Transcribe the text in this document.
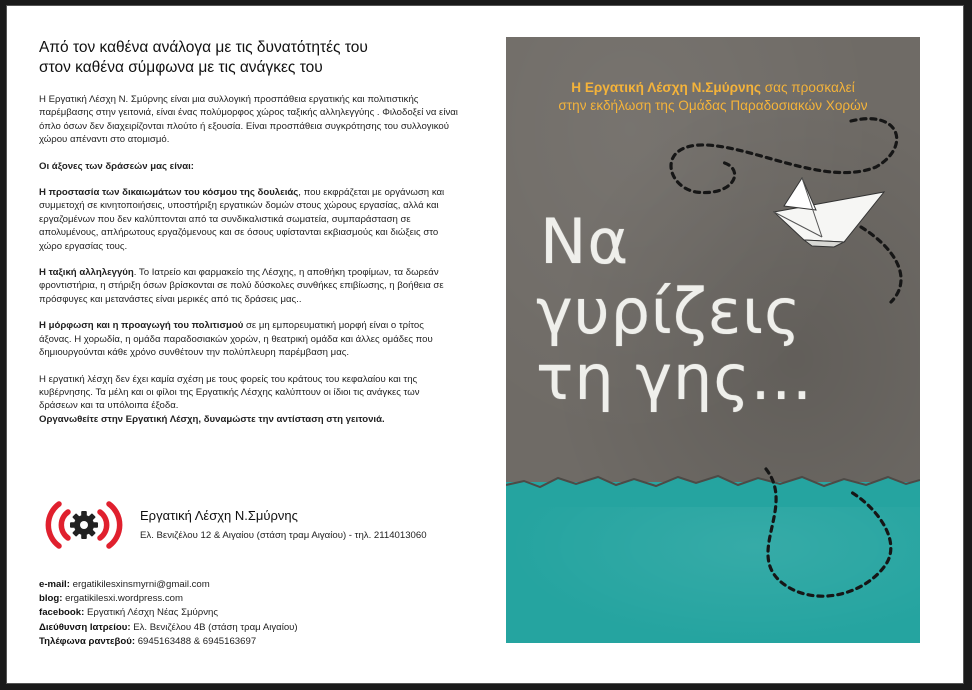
Από τον καθένα ανάλογα με τις δυνατότητές του
στον καθένα σύμφωνα με τις ανάγκες του
Η Εργατική Λέσχη Ν. Σμύρνης είναι μια συλλογική προσπάθεια εργατικής και πολιτιστικής παρέμβασης στην γειτονιά, είναι ένας πολύμορφος χώρος ταξικής αλληλεγγύης . Φιλοδοξεί να είναι όπλο όσων δεν διαχειρίζονται πλούτο ή εξουσία. Είναι προσπάθεια συγκρότησης του συλλογικού χώρου απέναντι στο ατομισμό.
Οι άξονες των δράσεών μας είναι:
Η προστασία των δικαιωμάτων του κόσμου της δουλειάς, που εκφράζεται με οργάνωση και συμμετοχή σε κινητοποιήσεις, υποστήριξη εργατικών δομών στους χώρους εργασίας, αλλά και εργαζομένων που δεν καλύπτονται από τα συνδικαλιστικά σωματεία, συμπαράσταση σε απολυμένους, απλήρωτους εργαζόμενους και σε όσους υφίστανται εκβιασμούς και διώξεις στο χώρο εργασίας τους.
Η ταξική αλληλεγγύη. Το Ιατρείο και φαρμακείο της Λέσχης, η αποθήκη τροφίμων, τα δωρεάν φροντιστήρια, η στήριξη όσων βρίσκονται σε πολύ δύσκολες συνθήκες επιβίωσης, η βοήθεια σε πρόσφυγες και μετανάστες είναι μερικές από τις δράσεις μας..
Η μόρφωση και η προαγωγή του πολιτισμού σε μη εμπορευματική μορφή είναι ο τρίτος άξονας. Η χορωδία, η ομάδα παραδοσιακών χορών, η θεατρική ομάδα και άλλες ομάδες που δημιουργούνται κάθε χρόνο συνθέτουν την πολύπλευρη παρέμβαση μας.
Η εργατική λέσχη δεν έχει καμία σχέση με τους φορείς του κράτους του κεφαλαίου και της κυβέρνησης. Τα μέλη και οι φίλοι της Εργατικής Λέσχης καλύπτουν οι ίδιοι τις ανάγκες των δράσεων και τα υπόλοιπα έξοδα.
Οργανωθείτε στην Εργατική Λέσχη, δυναμώστε την αντίσταση στη γειτονιά.
Εργατική Λέσχη Ν.Σμύρνης
Ελ. Βενιζέλου 12 & Αιγαίου (στάση τραμ Αιγαίου) - τηλ. 2114013060
e-mail: ergatikilesxinsmyrni@gmail.com
blog: ergatikilesxi.wordpress.com
facebook: Εργατική Λέσχη Νέας Σμύρνης
Διεύθυνση Ιατρείου: Ελ. Βενιζέλου 4Β (στάση τραμ Αιγαίου)
Τηλέφωνα ραντεβού: 6945163488 & 6945163697
Η Εργατική Λέσχη Ν.Σμύρνης σας προσκαλεί
στην εκδήλωση της Ομάδας Παραδοσιακών Χορών
Να
γυρίζεις
τη γης...
